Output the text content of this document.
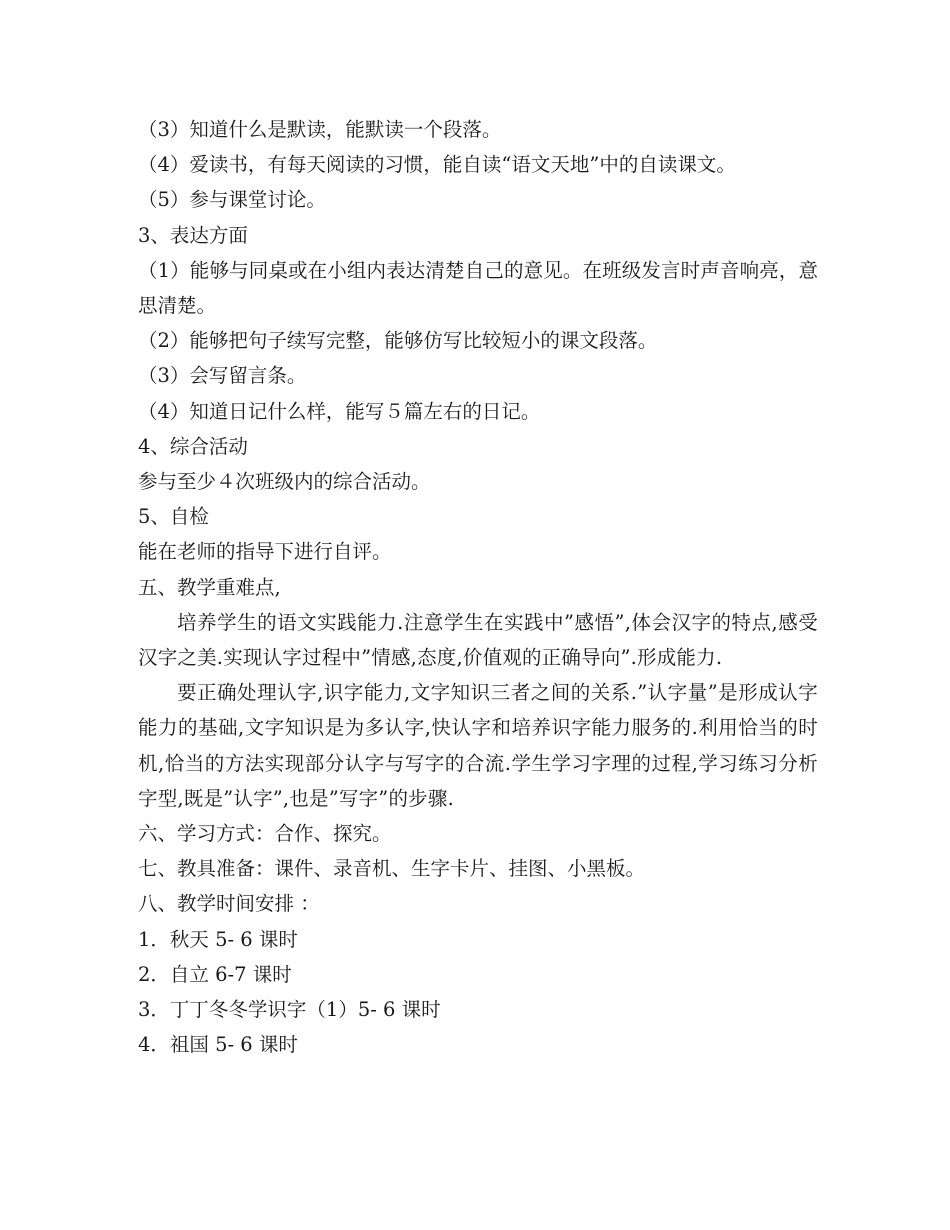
（3）知道什么是默读，能默读一个段落。

（4）爱读书，有每天阅读的习惯，能自读“语文天地”中的自读课文。

（5）参与课堂讨论。

3、表达方面

（1）能够与同桌或在小组内表达清楚自己的意见。在班级发言时声音响亮，意思清楚。

（2）能够把句子续写完整，能够仿写比较短小的课文段落。

（3）会写留言条。

（4）知道日记什么样，能写５篇左右的日记。

4、综合活动

参与至少４次班级内的综合活动。

5、自检

能在老师的指导下进行自评。

五、教学重难点,

培养学生的语文实践能力.注意学生在实践中”感悟”,体会汉字的特点,感受汉字之美.实现认字过程中”情感,态度,价值观的正确导向”.形成能力.

要正确处理认字,识字能力,文字知识三者之间的关系.”认字量”是形成认字能力的基础,文字知识是为多认字,快认字和培养识字能力服务的.利用恰当的时机,恰当的方法实现部分认字与写字的合流.学生学习字理的过程,学习练习分析字型,既是”认字”,也是”写字”的步骤.

六、学习方式：合作、探究。

七、教具准备：课件、录音机、生字卡片、挂图、小黑板。

八、教学时间安排 ：

1．秋天 5- 6 课时

2．自立 6-7 课时

3．丁丁冬冬学识字（1）5- 6 课时

4．祖国 5- 6 课时
